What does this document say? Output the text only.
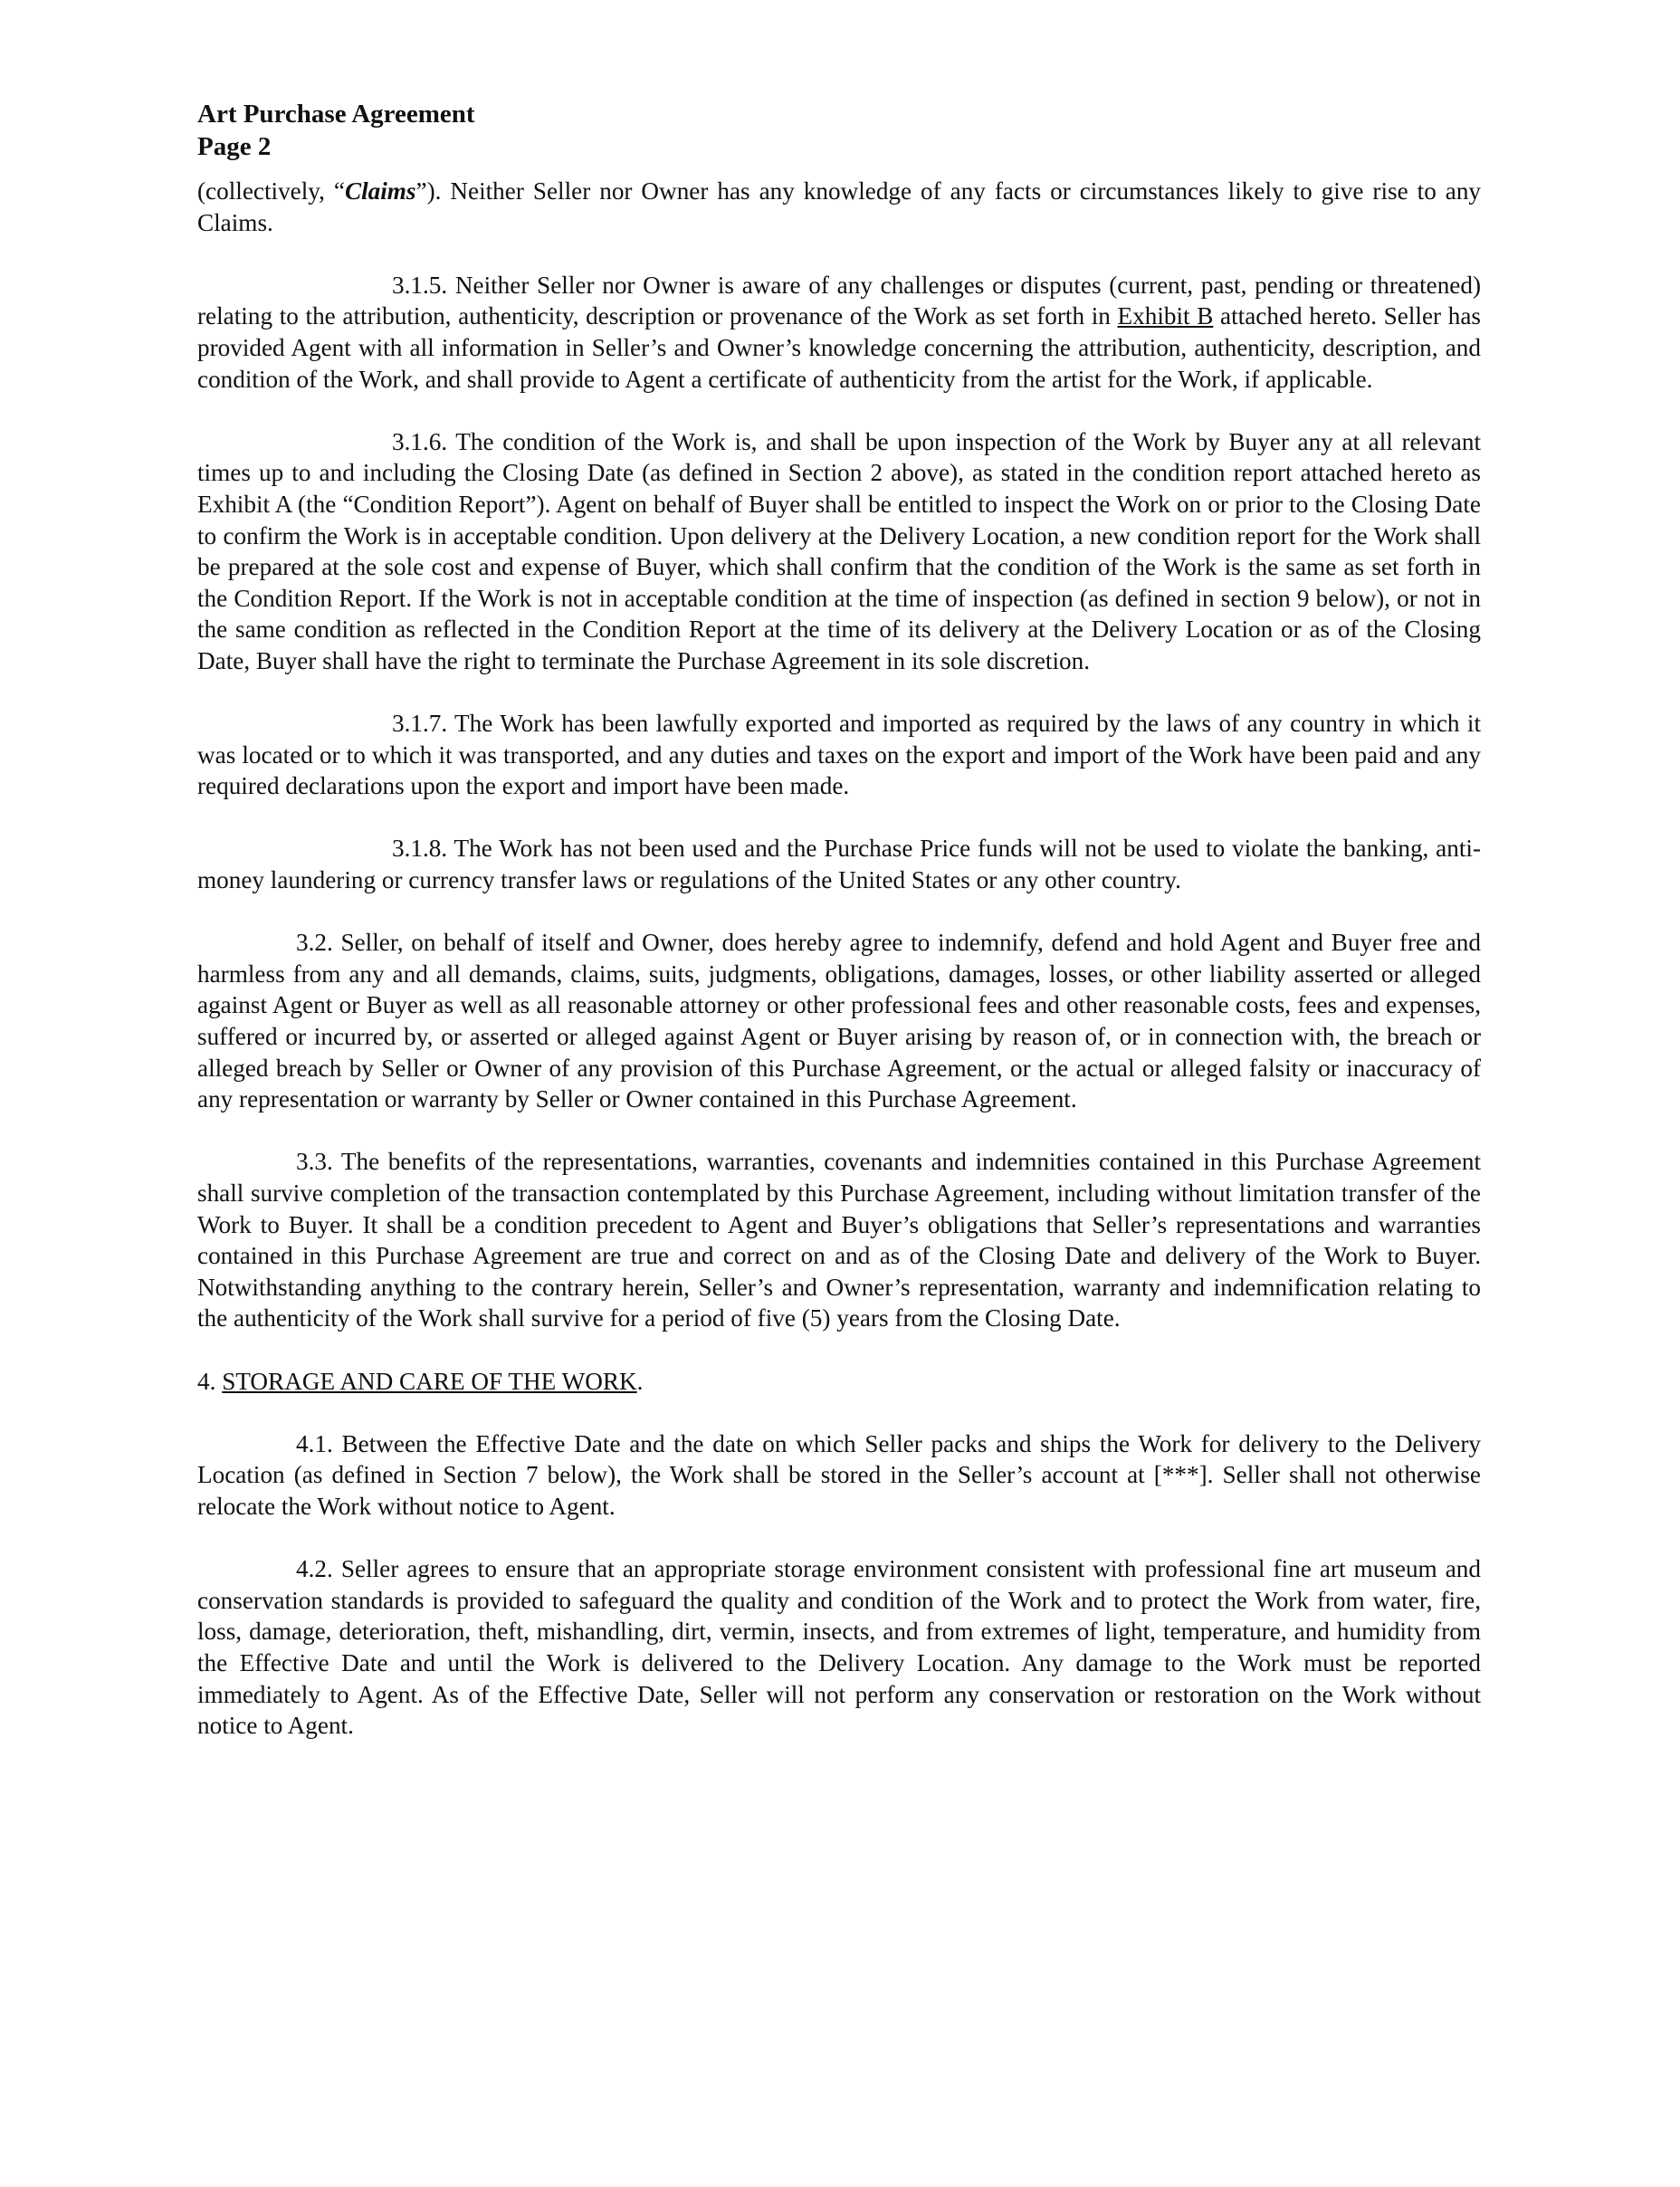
Art Purchase Agreement

Page 2

(collectively, “Claims”). Neither Seller nor Owner has any knowledge of any facts or circumstances likely to give rise to any Claims.

3.1.5. Neither Seller nor Owner is aware of any challenges or disputes (current, past, pending or threatened) relating to the attribution, authenticity, description or provenance of the Work as set forth in Exhibit B attached hereto. Seller has provided Agent with all information in Seller’s and Owner’s knowledge concerning the attribution, authenticity, description, and condition of the Work, and shall provide to Agent a certificate of authenticity from the artist for the Work, if applicable.

3.1.6. The condition of the Work is, and shall be upon inspection of the Work by Buyer any at all relevant times up to and including the Closing Date (as defined in Section 2 above), as stated in the condition report attached hereto as Exhibit A (the “Condition Report”). Agent on behalf of Buyer shall be entitled to inspect the Work on or prior to the Closing Date to confirm the Work is in acceptable condition. Upon delivery at the Delivery Location, a new condition report for the Work shall be prepared at the sole cost and expense of Buyer, which shall confirm that the condition of the Work is the same as set forth in the Condition Report. If the Work is not in acceptable condition at the time of inspection (as defined in section 9 below), or not in the same condition as reflected in the Condition Report at the time of its delivery at the Delivery Location or as of the Closing Date, Buyer shall have the right to terminate the Purchase Agreement in its sole discretion.

3.1.7. The Work has been lawfully exported and imported as required by the laws of any country in which it was located or to which it was transported, and any duties and taxes on the export and import of the Work have been paid and any required declarations upon the export and import have been made.

3.1.8. The Work has not been used and the Purchase Price funds will not be used to violate the banking, anti-money laundering or currency transfer laws or regulations of the United States or any other country.

3.2. Seller, on behalf of itself and Owner, does hereby agree to indemnify, defend and hold Agent and Buyer free and harmless from any and all demands, claims, suits, judgments, obligations, damages, losses, or other liability asserted or alleged against Agent or Buyer as well as all reasonable attorney or other professional fees and other reasonable costs, fees and expenses, suffered or incurred by, or asserted or alleged against Agent or Buyer arising by reason of, or in connection with, the breach or alleged breach by Seller or Owner of any provision of this Purchase Agreement, or the actual or alleged falsity or inaccuracy of any representation or warranty by Seller or Owner contained in this Purchase Agreement.

3.3. The benefits of the representations, warranties, covenants and indemnities contained in this Purchase Agreement shall survive completion of the transaction contemplated by this Purchase Agreement, including without limitation transfer of the Work to Buyer. It shall be a condition precedent to Agent and Buyer’s obligations that Seller’s representations and warranties contained in this Purchase Agreement are true and correct on and as of the Closing Date and delivery of the Work to Buyer. Notwithstanding anything to the contrary herein, Seller’s and Owner’s representation, warranty and indemnification relating to the authenticity of the Work shall survive for a period of five (5) years from the Closing Date.

4. STORAGE AND CARE OF THE WORK.

4.1. Between the Effective Date and the date on which Seller packs and ships the Work for delivery to the Delivery Location (as defined in Section 7 below), the Work shall be stored in the Seller’s account at [***]. Seller shall not otherwise relocate the Work without notice to Agent.

4.2. Seller agrees to ensure that an appropriate storage environment consistent with professional fine art museum and conservation standards is provided to safeguard the quality and condition of the Work and to protect the Work from water, fire, loss, damage, deterioration, theft, mishandling, dirt, vermin, insects, and from extremes of light, temperature, and humidity from the Effective Date and until the Work is delivered to the Delivery Location. Any damage to the Work must be reported immediately to Agent. As of the Effective Date, Seller will not perform any conservation or restoration on the Work without notice to Agent.
